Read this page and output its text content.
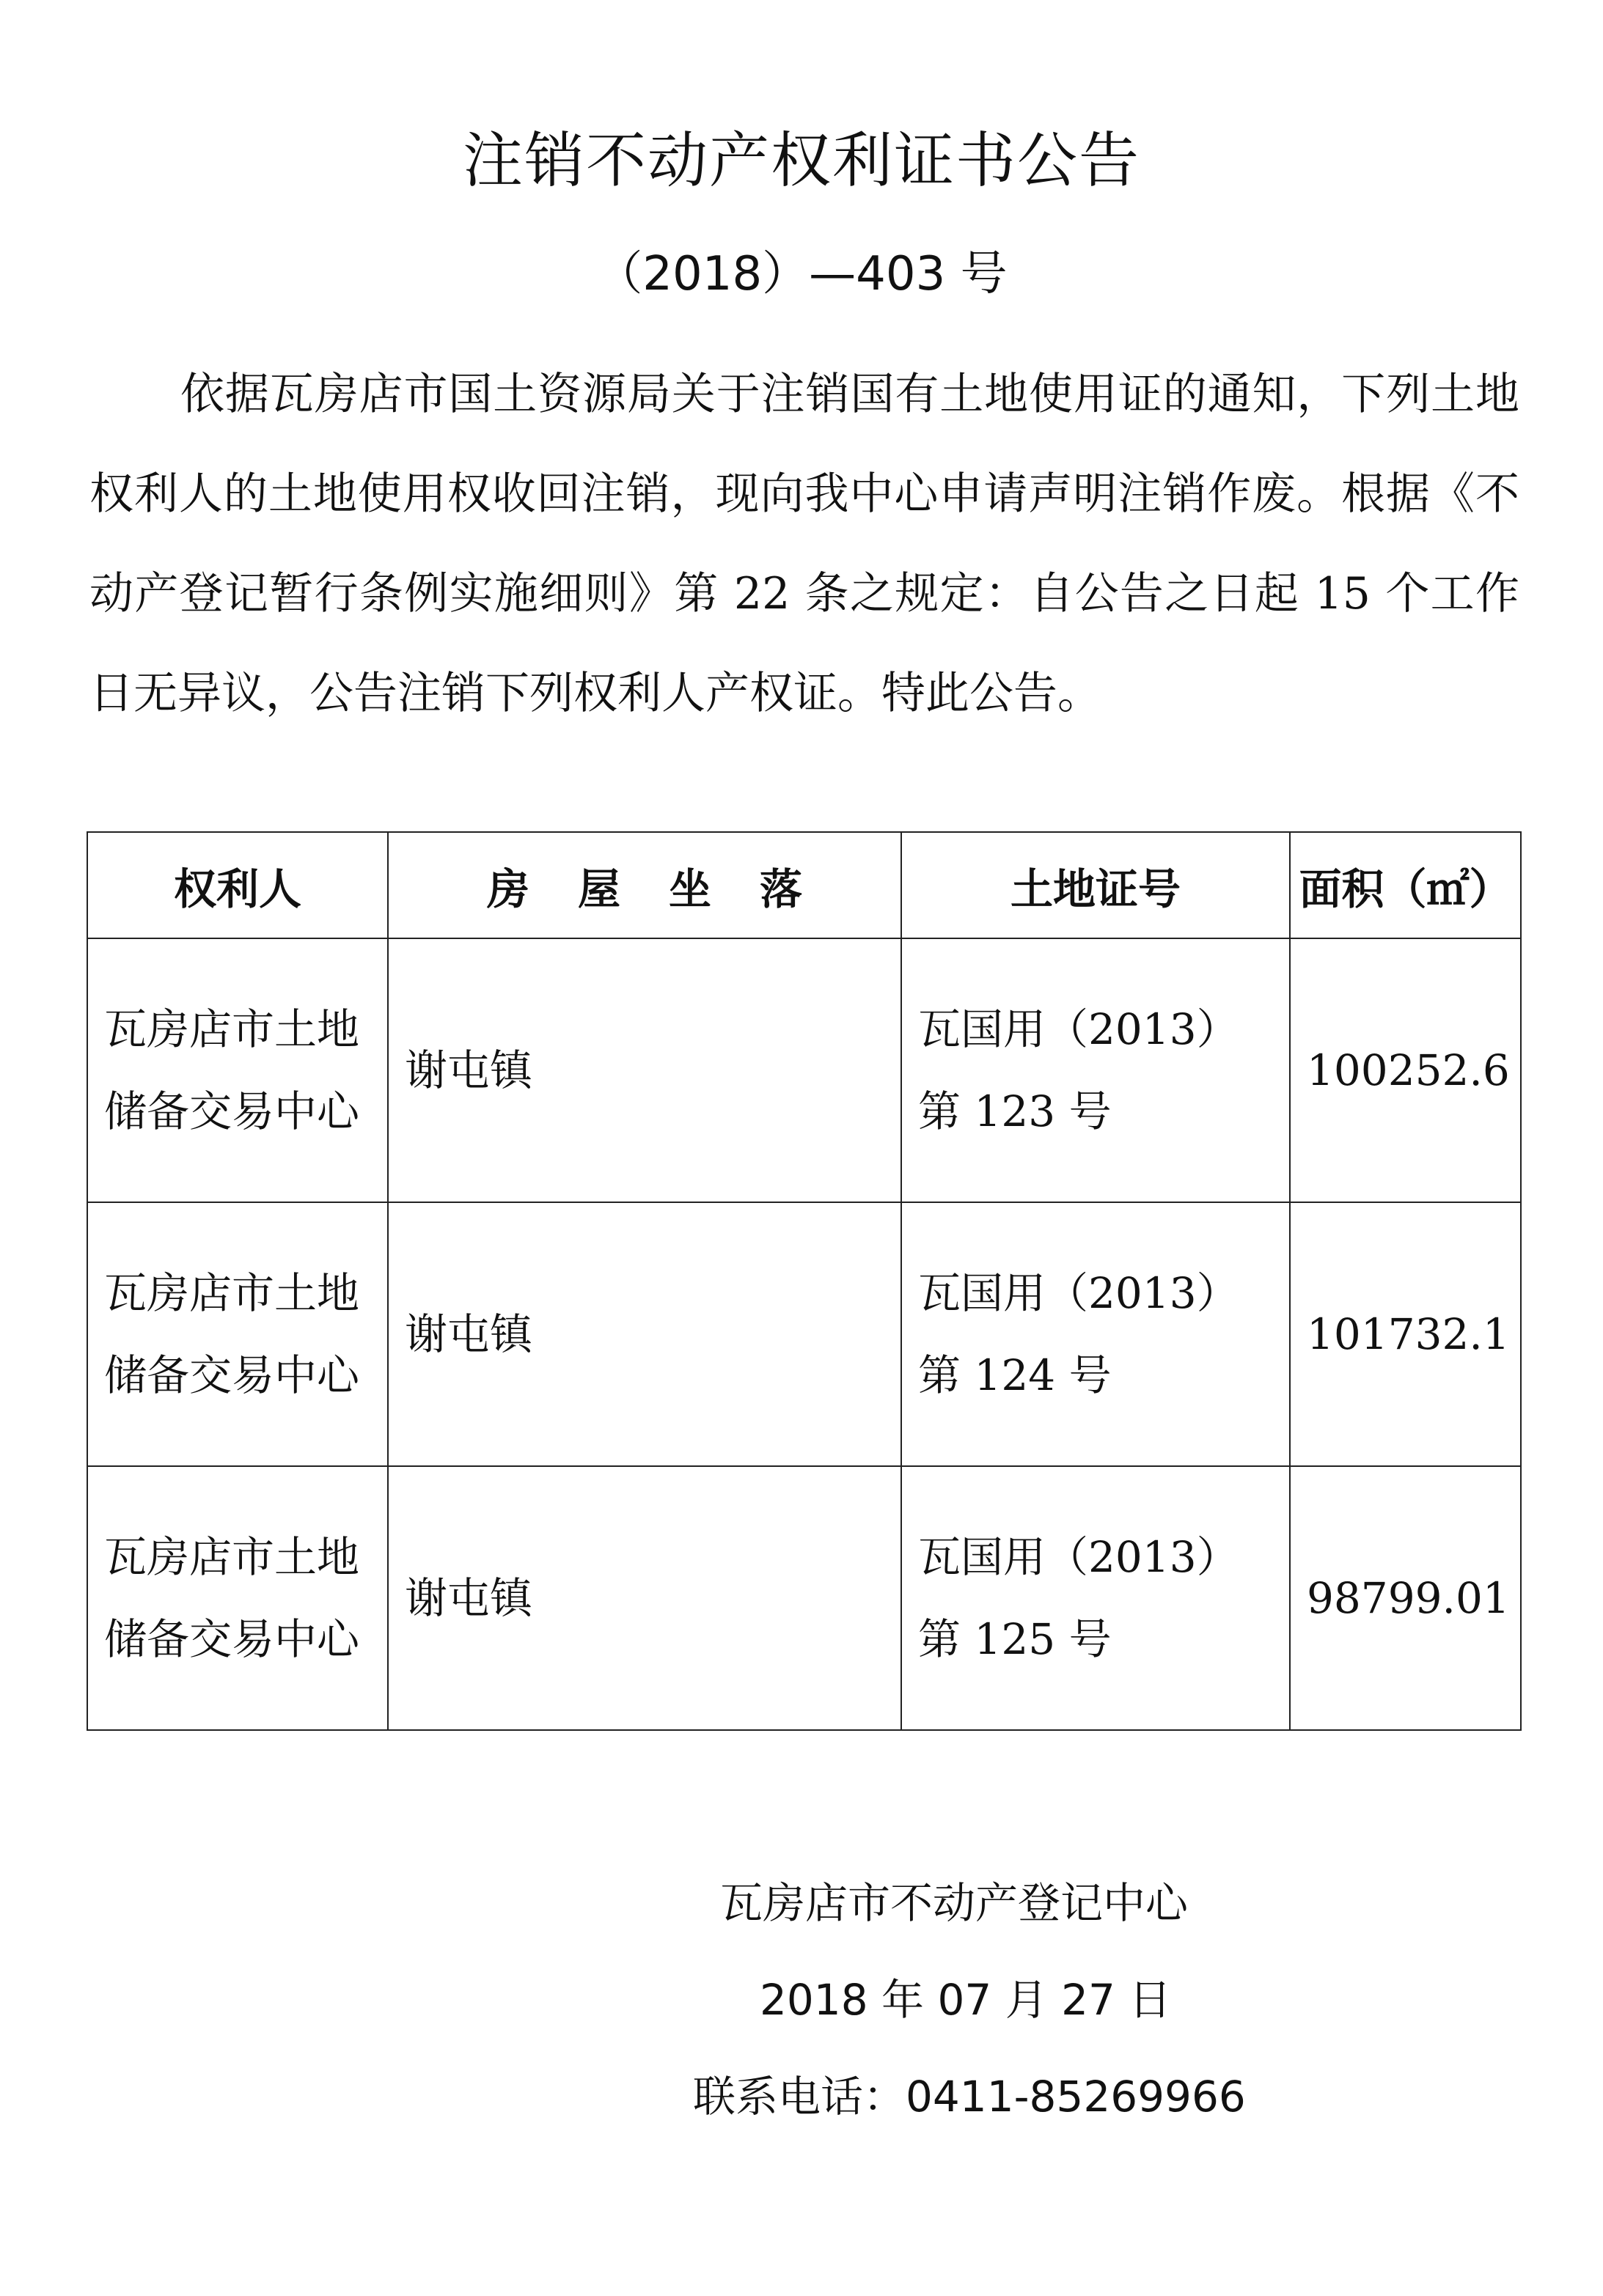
注销不动产权利证书公告
（2018）—403 号

依据瓦房店市国土资源局关于注销国有土地使用证的通知，下列土地权利人的土地使用权收回注销，现向我中心申请声明注销作废。根据《不动产登记暂行条例实施细则》第 22 条之规定：自公告之日起 15 个工作日无异议，公告注销下列权利人产权证。特此公告。

权利人	房屋坐落	土地证号	面积（㎡）
瓦房店市土地储备交易中心	谢屯镇	瓦国用（2013）第 123 号	100252.6
瓦房店市土地储备交易中心	谢屯镇	瓦国用（2013）第 124 号	101732.1
瓦房店市土地储备交易中心	谢屯镇	瓦国用（2013）第 125 号	98799.01
瓦房店市不动产登记中心
2018 年 07 月 27 日
联系电话：0411-85269966
